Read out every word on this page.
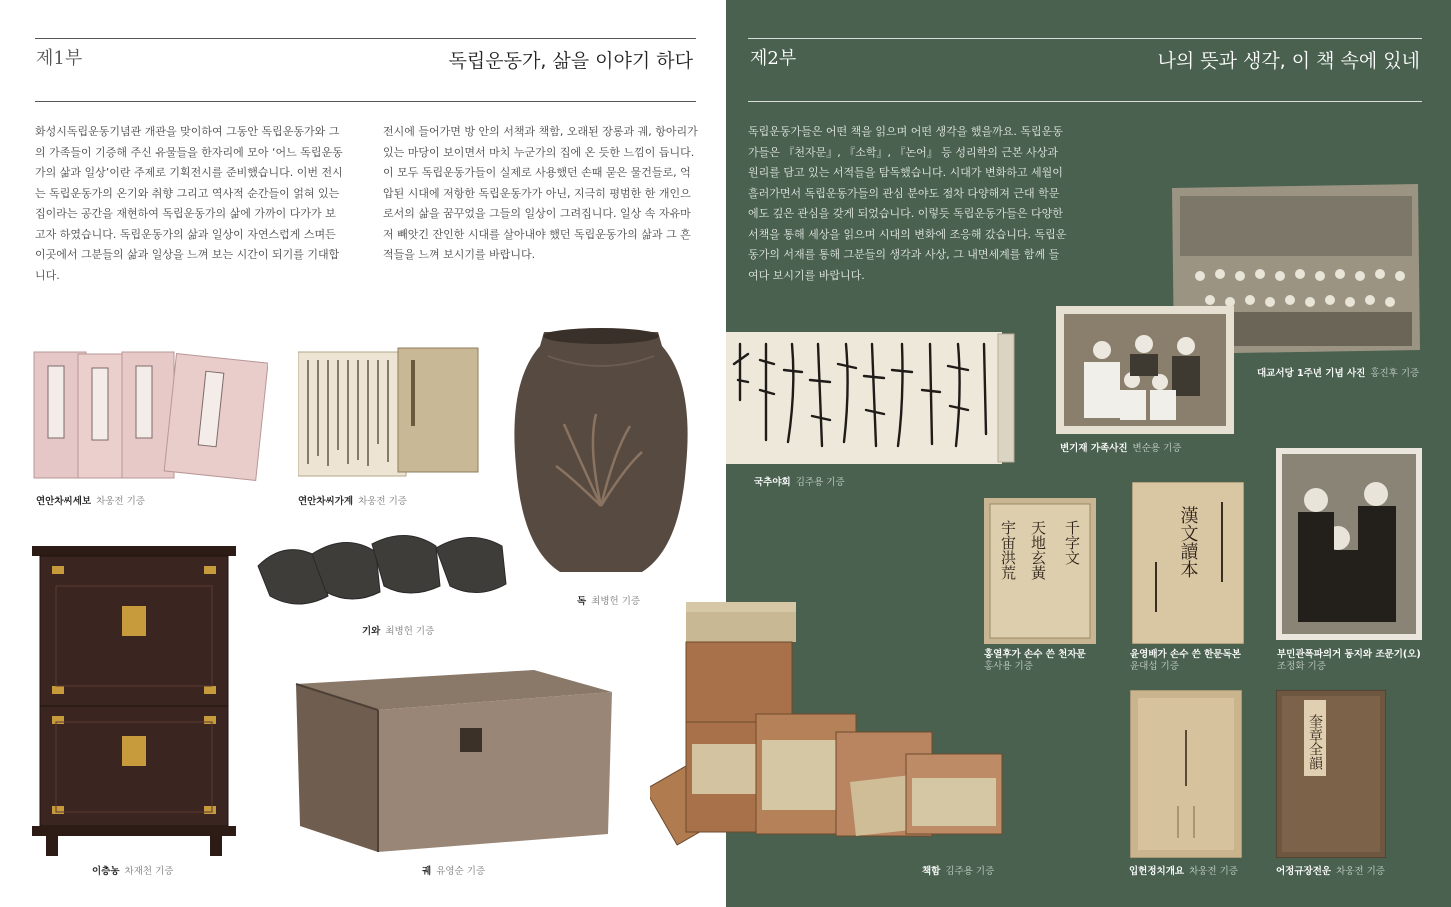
제1부	독립운동가, 삶을 이야기 하다

화성시독립운동기념관 개관을 맞이하여 그동안 독립운동가와 그의 가족들이 기증해 주신 유물들을 한자리에 모아 ‘어느 독립운동가의 삶과 일상’이란 주제로 기획전시를 준비했습니다. 이번 전시는 독립운동가의 온기와 취향 그리고 역사적 순간들이 얽혀 있는 집이라는 공간을 재현하여 독립운동가의 삶에 가까이 다가가 보고자 하였습니다. 독립운동가의 삶과 일상이 자연스럽게 스며든 이곳에서 그분들의 삶과 일상을 느껴 보는 시간이 되기를 기대합니다.

전시에 들어가면 방 안의 서책과 책함, 오래된 장롱과 궤, 항아리가 있는 마당이 보이면서 마치 누군가의 집에 온 듯한 느낌이 듭니다. 이 모두 독립운동가들이 실제로 사용했던 손때 묻은 물건들로, 억압된 시대에 저항한 독립운동가가 아닌, 지극히 평범한 한 개인으로서의 삶을 꿈꾸었을 그들의 일상이 그려집니다. 일상 속 자유마저 빼앗긴 잔인한 시대를 살아내야 했던 독립운동가의 삶과 그 흔적들을 느껴 보시기를 바랍니다.

연안차씨세보 차웅전 기증	연안차씨가계 차웅전 기증
독 최병헌 기증
기와 최병헌 기증
이층농 차재천 기증	궤 유영순 기증
제2부	나의 뜻과 생각, 이 책 속에 있네

독립운동가들은 어떤 책을 읽으며 어떤 생각을 했을까요. 독립운동가들은 『천자문』, 『소학』, 『논어』 등 성리학의 근본 사상과 원리를 담고 있는 서적들을 탐독했습니다. 시대가 변화하고 세월이 흘러가면서 독립운동가들의 관심 분야도 점차 다양해져 근대 학문에도 깊은 관심을 갖게 되었습니다. 이렇듯 독립운동가들은 다양한 서책을 통해 세상을 읽으며 시대의 변화에 조응해 갔습니다. 독립운동가의 서재를 통해 그분들의 생각과 사상, 그 내면세계를 함께 들여다 보시기를 바랍니다.

대교서당 1주년 기념 사진 홍진후 기증
변기재 가족사진 변순용 기증
국추야회 김주용 기증
千字文
天地玄黃
宇宙洪荒
홍열후가 손수 쓴 천자문
홍사용 기증
漢文讀本
윤영배가 손수 쓴 한문독본
윤대섭 기증
부민관폭파의거 동지와 조문기(오)
조정화 기증
책함 김주용 기증	입헌정치개요 차웅전 기증
奎章全韻
어정규장전운 차웅전 기증
